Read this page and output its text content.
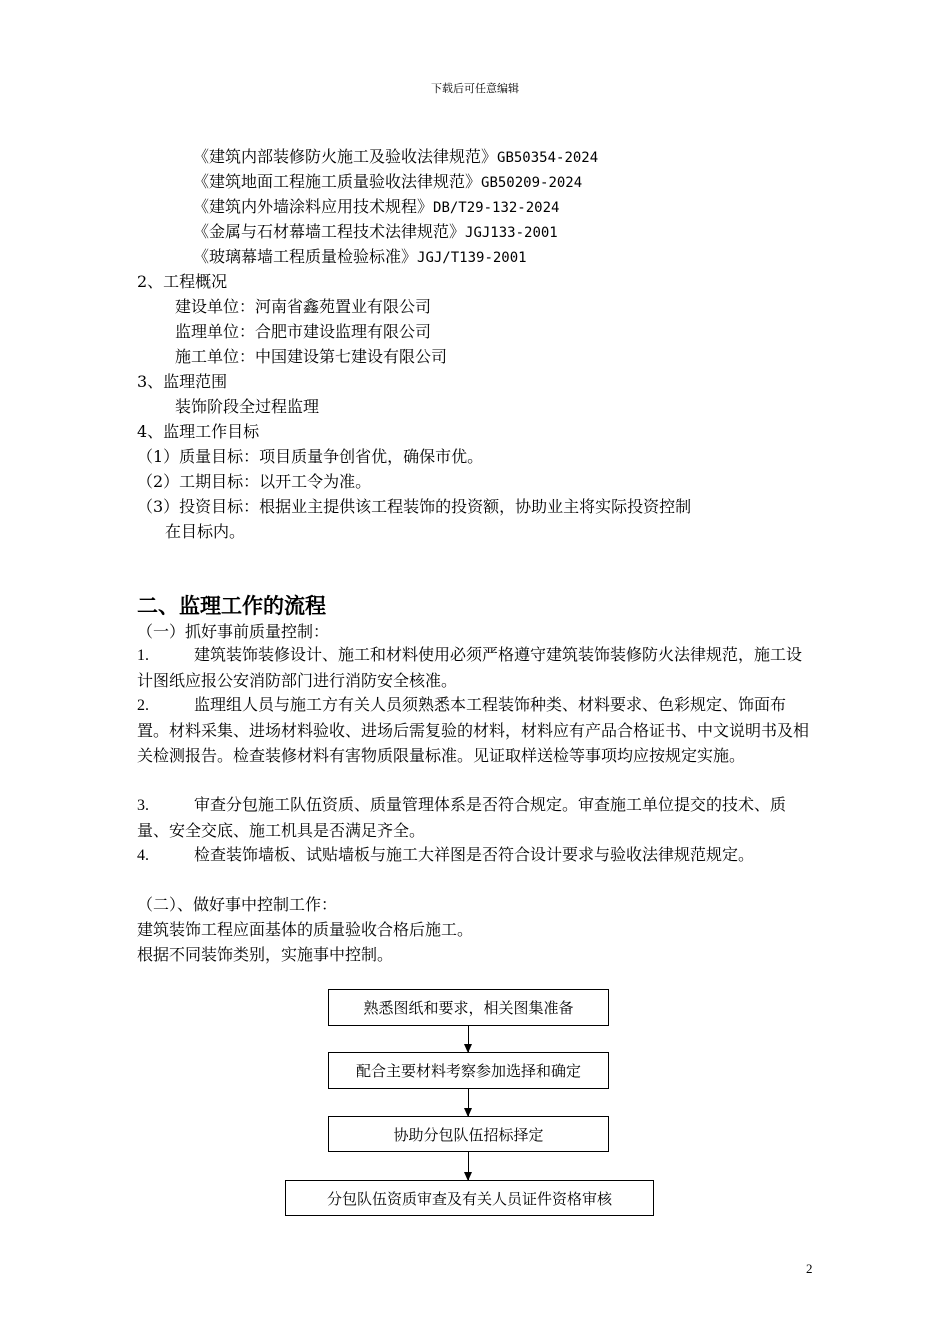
下载后可任意编辑
《建筑内部装修防火施工及验收法律规范》GB50354-2024
《建筑地面工程施工质量验收法律规范》GB50209-2024
《建筑内外墙涂料应用技术规程》DB/T29-132-2024
《金属与石材幕墙工程技术法律规范》JGJ133-2001
《玻璃幕墙工程质量检验标准》JGJ/T139-2001
2、工程概况
建设单位：河南省鑫苑置业有限公司
监理单位：合肥市建设监理有限公司
施工单位：中国建设第七建设有限公司
3、监理范围
装饰阶段全过程监理
4、监理工作目标
（1）质量目标：项目质量争创省优，确保市优。
（2）工期目标：以开工令为准。
（3）投资目标：根据业主提供该工程装饰的投资额，协助业主将实际投资控制
在目标内。
二、监理工作的流程
（一）抓好事前质量控制：
1.	建筑装饰装修设计、施工和材料使用必须严格遵守建筑装饰装修防火法律规范，施工设计图纸应报公安消防部门进行消防安全核准。
2.	监理组人员与施工方有关人员须熟悉本工程装饰种类、材料要求、色彩规定、饰面布置。材料采集、进场材料验收、进场后需复验的材料，材料应有产品合格证书、中文说明书及相关检测报告。检查装修材料有害物质限量标准。见证取样送检等事项均应按规定实施。
3.	审查分包施工队伍资质、质量管理体系是否符合规定。审查施工单位提交的技术、质量、安全交底、施工机具是否满足齐全。
4.	检查装饰墙板、试贴墙板与施工大祥图是否符合设计要求与验收法律规范规定。
（二）、做好事中控制工作：
建筑装饰工程应面基体的质量验收合格后施工。
根据不同装饰类别，实施事中控制。
熟悉图纸和要求，相关图集准备
配合主要材料考察参加选择和确定
协助分包队伍招标择定
分包队伍资质审查及有关人员证件资格审核
2
